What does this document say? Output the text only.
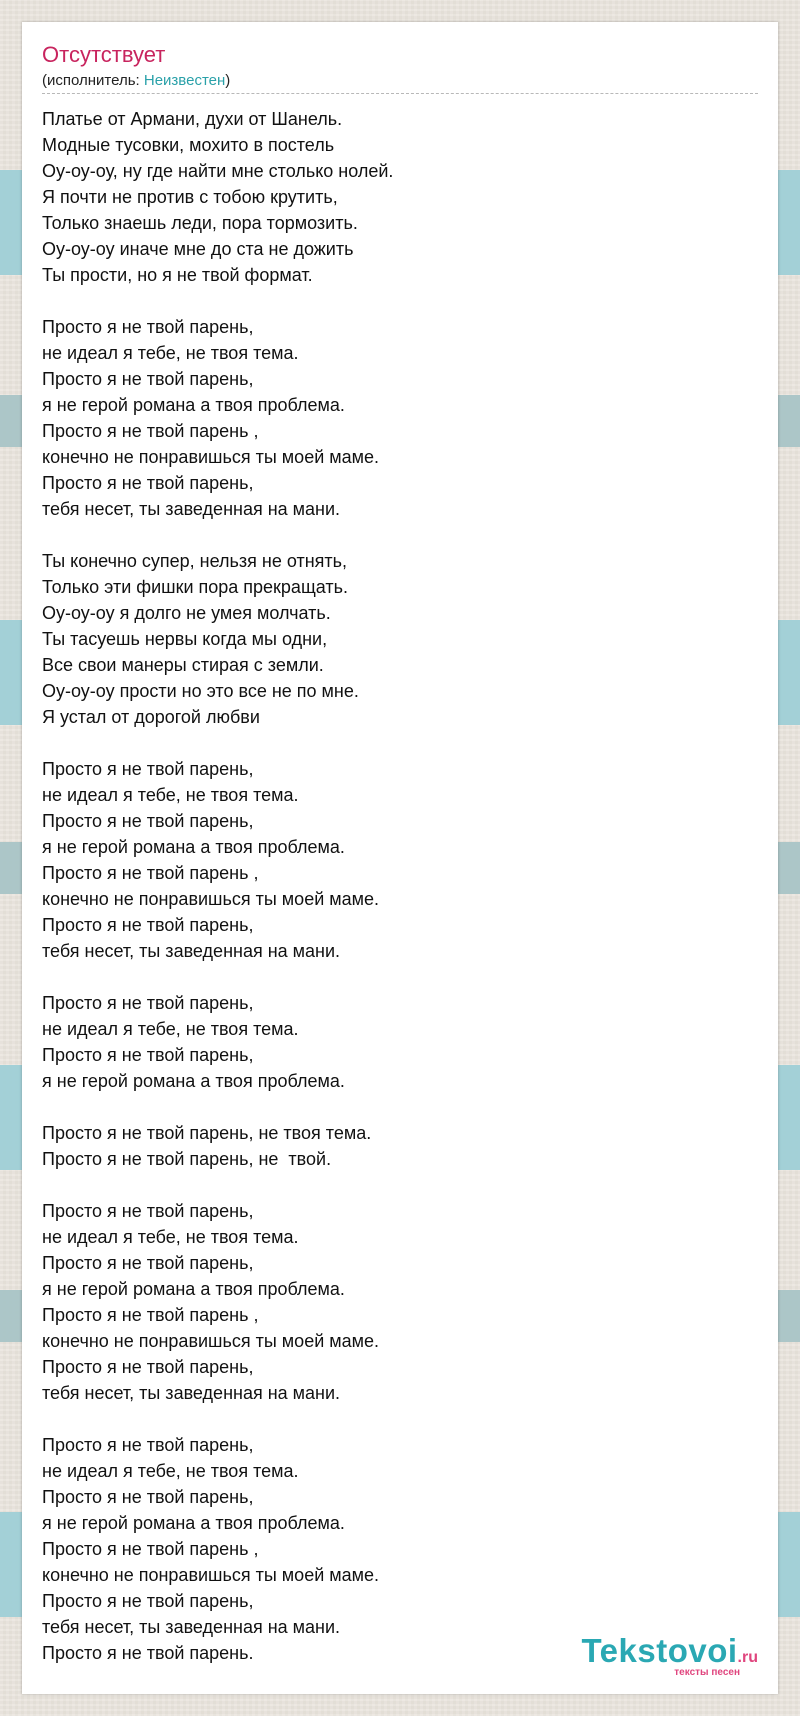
Отсутствует
(исполнитель: Неизвестен)
Платье от Армани, духи от Шанель.
Модные тусовки, мохито в постель
Оу-оу-оу, ну где найти мне столько нолей.
Я почти не против с тобою крутить,
Только знаешь леди, пора тормозить.
Оу-оу-оу иначе мне до ста не дожить
Ты прости, но я не твой формат.
Просто я не твой парень,
не идеал я тебе, не твоя тема.
Просто я не твой парень,
я не герой романа а твоя проблема.
Просто я не твой парень ,
конечно не понравишься ты моей маме.
Просто я не твой парень,
тебя несет, ты заведенная на мани.
Ты конечно супер, нельзя не отнять,
Только эти фишки пора прекращать.
Оу-оу-оу я долго не умея молчать.
Ты тасуешь нервы когда мы одни,
Все свои манеры стирая с земли.
Оу-оу-оу прости но это все не по мне.
Я устал от дорогой любви
Просто я не твой парень,
не идеал я тебе, не твоя тема.
Просто я не твой парень,
я не герой романа а твоя проблема.
Просто я не твой парень ,
конечно не понравишься ты моей маме.
Просто я не твой парень,
тебя несет, ты заведенная на мани.
Просто я не твой парень,
не идеал я тебе, не твоя тема.
Просто я не твой парень,
я не герой романа а твоя проблема.
Просто я не твой парень, не твоя тема.
Просто я не твой парень, не  твой.
Просто я не твой парень,
не идеал я тебе, не твоя тема.
Просто я не твой парень,
я не герой романа а твоя проблема.
Просто я не твой парень ,
конечно не понравишься ты моей маме.
Просто я не твой парень,
тебя несет, ты заведенная на мани.
Просто я не твой парень,
не идеал я тебе, не твоя тема.
Просто я не твой парень,
я не герой романа а твоя проблема.
Просто я не твой парень ,
конечно не понравишься ты моей маме.
Просто я не твой парень,
тебя несет, ты заведенная на мани.
Просто я не твой парень.	Tekstovoi.ru
тексты песен
